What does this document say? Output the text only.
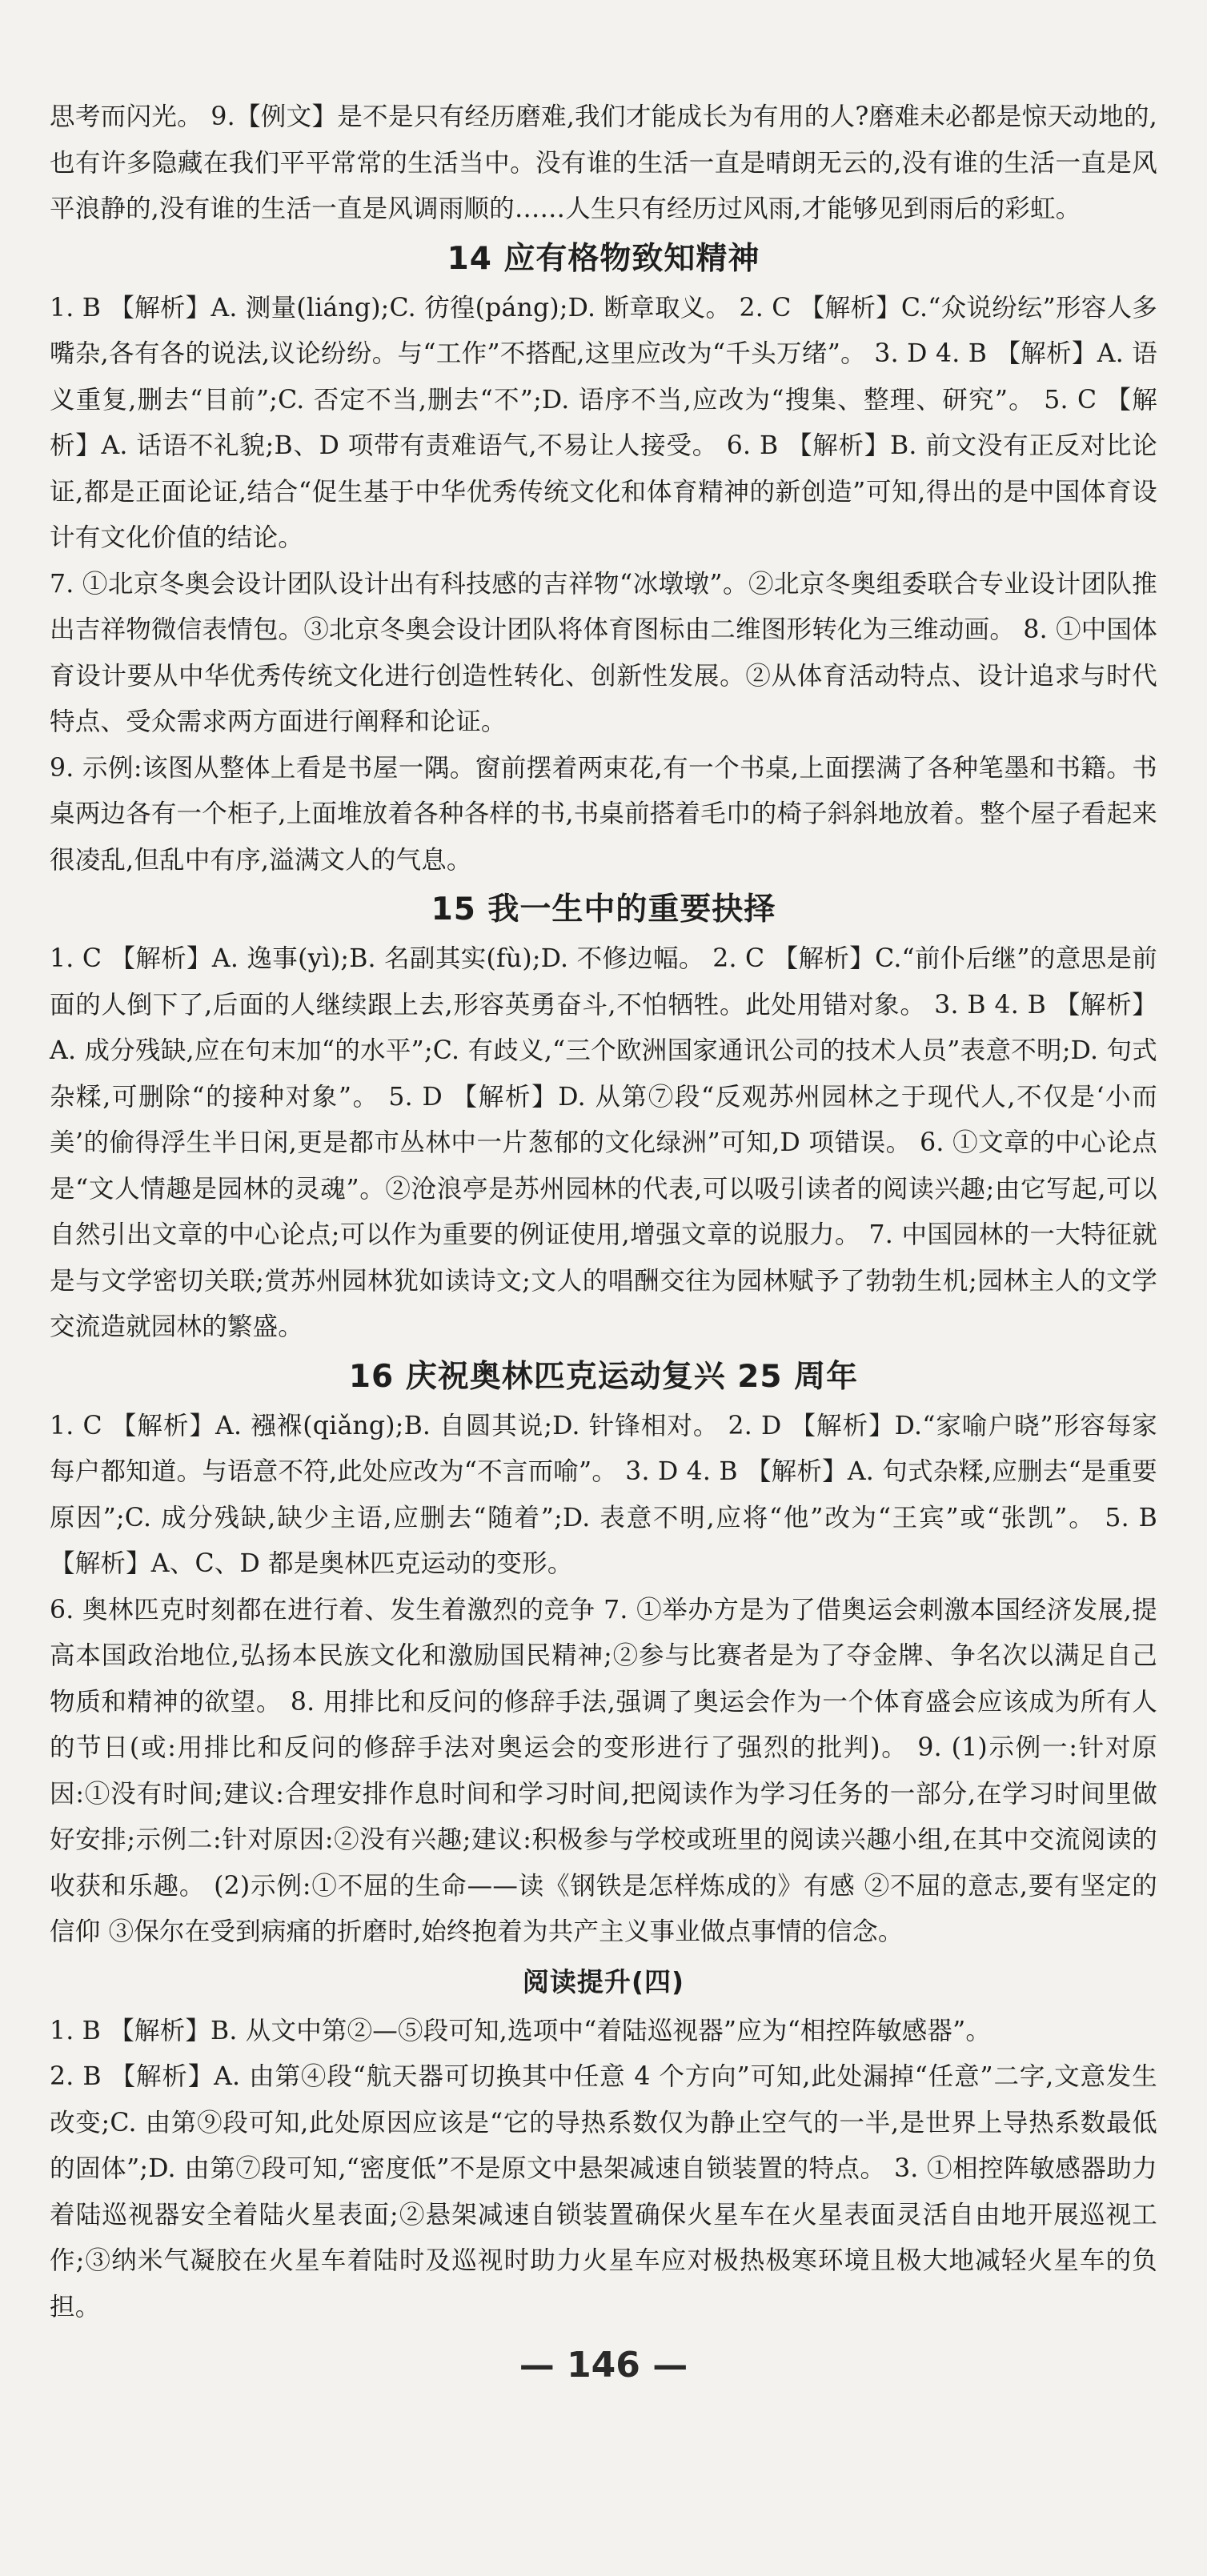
思考而闪光。 9.【例文】是不是只有经历磨难,我们才能成长为有用的人?磨难未必都是惊天动地的,也有许多隐藏在我们平平常常的生活当中。没有谁的生活一直是晴朗无云的,没有谁的生活一直是风平浪静的,没有谁的生活一直是风调雨顺的……人生只有经历过风雨,才能够见到雨后的彩虹。

14 应有格物致知精神

1. B 【解析】A. 测量(liáng);C. 彷徨(páng);D. 断章取义。 2. C 【解析】C.“众说纷纭”形容人多嘴杂,各有各的说法,议论纷纷。与“工作”不搭配,这里应改为“千头万绪”。 3. D 4. B 【解析】A. 语义重复,删去“目前”;C. 否定不当,删去“不”;D. 语序不当,应改为“搜集、整理、研究”。 5. C 【解析】A. 话语不礼貌;B、D 项带有责难语气,不易让人接受。 6. B 【解析】B. 前文没有正反对比论证,都是正面论证,结合“促生基于中华优秀传统文化和体育精神的新创造”可知,得出的是中国体育设计有文化价值的结论。

7. ①北京冬奥会设计团队设计出有科技感的吉祥物“冰墩墩”。②北京冬奥组委联合专业设计团队推出吉祥物微信表情包。③北京冬奥会设计团队将体育图标由二维图形转化为三维动画。 8. ①中国体育设计要从中华优秀传统文化进行创造性转化、创新性发展。②从体育活动特点、设计追求与时代特点、受众需求两方面进行阐释和论证。

9. 示例:该图从整体上看是书屋一隅。窗前摆着两束花,有一个书桌,上面摆满了各种笔墨和书籍。书桌两边各有一个柜子,上面堆放着各种各样的书,书桌前搭着毛巾的椅子斜斜地放着。整个屋子看起来很凌乱,但乱中有序,溢满文人的气息。

15 我一生中的重要抉择

1. C 【解析】A. 逸事(yì);B. 名副其实(fù);D. 不修边幅。 2. C 【解析】C.“前仆后继”的意思是前面的人倒下了,后面的人继续跟上去,形容英勇奋斗,不怕牺牲。此处用错对象。 3. B 4. B 【解析】A. 成分残缺,应在句末加“的水平”;C. 有歧义,“三个欧洲国家通讯公司的技术人员”表意不明;D. 句式杂糅,可删除“的接种对象”。 5. D 【解析】D. 从第⑦段“反观苏州园林之于现代人,不仅是‘小而美’的偷得浮生半日闲,更是都市丛林中一片葱郁的文化绿洲”可知,D 项错误。 6. ①文章的中心论点是“文人情趣是园林的灵魂”。②沧浪亭是苏州园林的代表,可以吸引读者的阅读兴趣;由它写起,可以自然引出文章的中心论点;可以作为重要的例证使用,增强文章的说服力。 7. 中国园林的一大特征就是与文学密切关联;赏苏州园林犹如读诗文;文人的唱酬交往为园林赋予了勃勃生机;园林主人的文学交流造就园林的繁盛。

16 庆祝奥林匹克运动复兴 25 周年

1. C 【解析】A. 襁褓(qiǎng);B. 自圆其说;D. 针锋相对。 2. D 【解析】D.“家喻户晓”形容每家每户都知道。与语意不符,此处应改为“不言而喻”。 3. D 4. B 【解析】A. 句式杂糅,应删去“是重要原因”;C. 成分残缺,缺少主语,应删去“随着”;D. 表意不明,应将“他”改为“王宾”或“张凯”。 5. B 【解析】A、C、D 都是奥林匹克运动的变形。

6. 奥林匹克时刻都在进行着、发生着激烈的竞争 7. ①举办方是为了借奥运会刺激本国经济发展,提高本国政治地位,弘扬本民族文化和激励国民精神;②参与比赛者是为了夺金牌、争名次以满足自己物质和精神的欲望。 8. 用排比和反问的修辞手法,强调了奥运会作为一个体育盛会应该成为所有人的节日(或:用排比和反问的修辞手法对奥运会的变形进行了强烈的批判)。 9. (1)示例一:针对原因:①没有时间;建议:合理安排作息时间和学习时间,把阅读作为学习任务的一部分,在学习时间里做好安排;示例二:针对原因:②没有兴趣;建议:积极参与学校或班里的阅读兴趣小组,在其中交流阅读的收获和乐趣。 (2)示例:①不屈的生命——读《钢铁是怎样炼成的》有感 ②不屈的意志,要有坚定的信仰 ③保尔在受到病痛的折磨时,始终抱着为共产主义事业做点事情的信念。

阅读提升(四)

1. B 【解析】B. 从文中第②—⑤段可知,选项中“着陆巡视器”应为“相控阵敏感器”。

2. B 【解析】A. 由第④段“航天器可切换其中任意 4 个方向”可知,此处漏掉“任意”二字,文意发生改变;C. 由第⑨段可知,此处原因应该是“它的导热系数仅为静止空气的一半,是世界上导热系数最低的固体”;D. 由第⑦段可知,“密度低”不是原文中悬架减速自锁装置的特点。 3. ①相控阵敏感器助力着陆巡视器安全着陆火星表面;②悬架减速自锁装置确保火星车在火星表面灵活自由地开展巡视工作;③纳米气凝胶在火星车着陆时及巡视时助力火星车应对极热极寒环境且极大地减轻火星车的负担。

— 146 —
